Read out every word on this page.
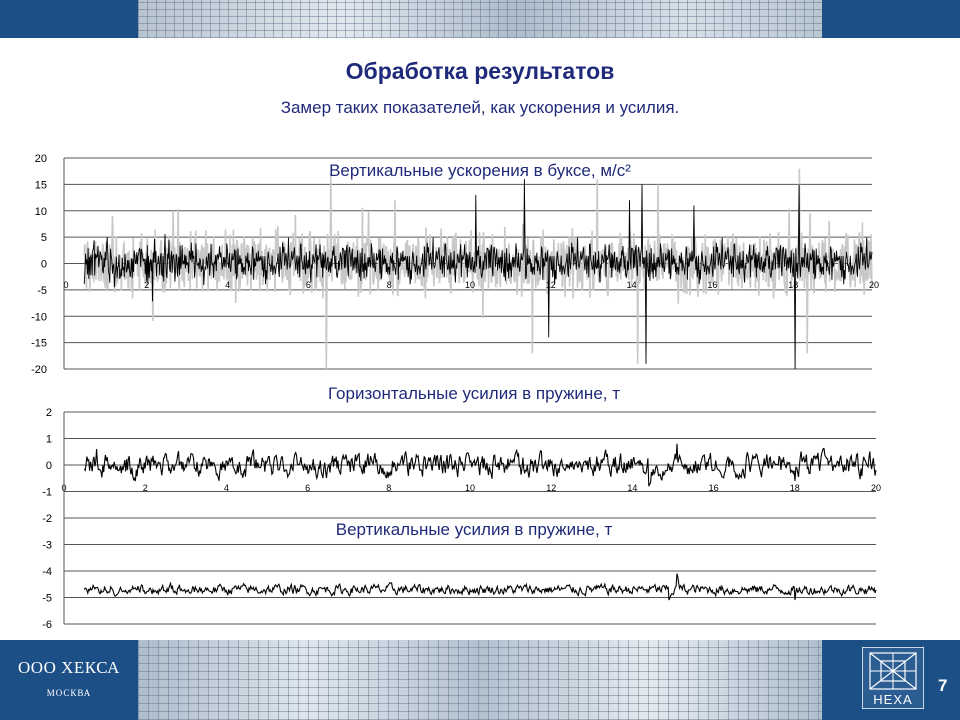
Обработка результатов
Замер таких показателей, как ускорения и усилия.
20
15
10
5
0
-5
-10
-15
-20
0	2	4	6	8	10	12	14	16	18	20
Вертикальные ускорения в буксе, м/с²
2
1
0
-1
-2
-3
-4
-5
-6
0	2	4	6	8	10	12	14	16	18	20
Горизонтальные усилия в пружине, т
Вертикальные усилия в пружине, т
ООО ХЕКСА
МОСКВА	HEXA
7
